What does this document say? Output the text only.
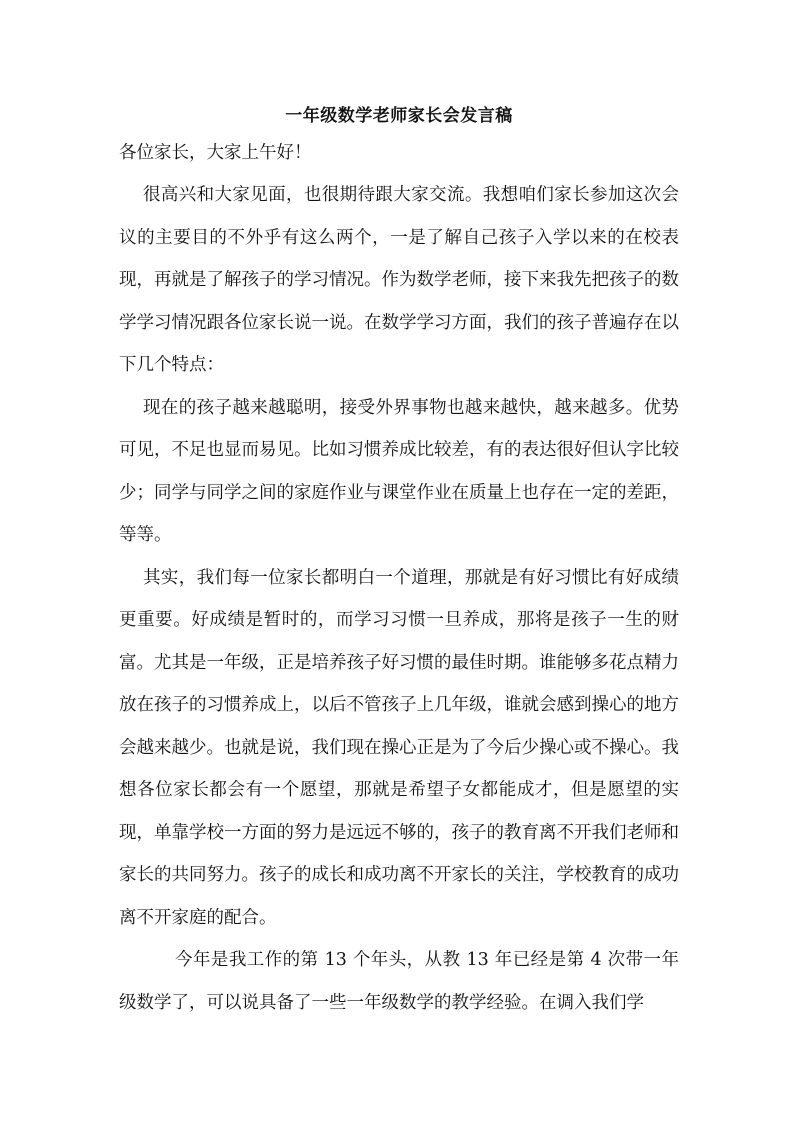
一年级数学老师家长会发言稿

各位家长，大家上午好！

很高兴和大家见面，也很期待跟大家交流。我想咱们家长参加这次会议的主要目的不外乎有这么两个，一是了解自己孩子入学以来的在校表现，再就是了解孩子的学习情况。作为数学老师，接下来我先把孩子的数学学习情况跟各位家长说一说。在数学学习方面，我们的孩子普遍存在以下几个特点：

现在的孩子越来越聪明，接受外界事物也越来越快，越来越多。优势可见，不足也显而易见。比如习惯养成比较差，有的表达很好但认字比较少；同学与同学之间的家庭作业与课堂作业在质量上也存在一定的差距，等等。

其实，我们每一位家长都明白一个道理，那就是有好习惯比有好成绩更重要。好成绩是暂时的，而学习习惯一旦养成，那将是孩子一生的财富。尤其是一年级，正是培养孩子好习惯的最佳时期。谁能够多花点精力放在孩子的习惯养成上，以后不管孩子上几年级，谁就会感到操心的地方会越来越少。也就是说，我们现在操心正是为了今后少操心或不操心。我想各位家长都会有一个愿望，那就是希望子女都能成才，但是愿望的实现，单靠学校一方面的努力是远远不够的，孩子的教育离不开我们老师和家长的共同努力。孩子的成长和成功离不开家长的关注，学校教育的成功离不开家庭的配合。

今年是我工作的第 13 个年头，从教 13 年已经是第 4 次带一年级数学了，可以说具备了一些一年级数学的教学经验。在调入我们学
